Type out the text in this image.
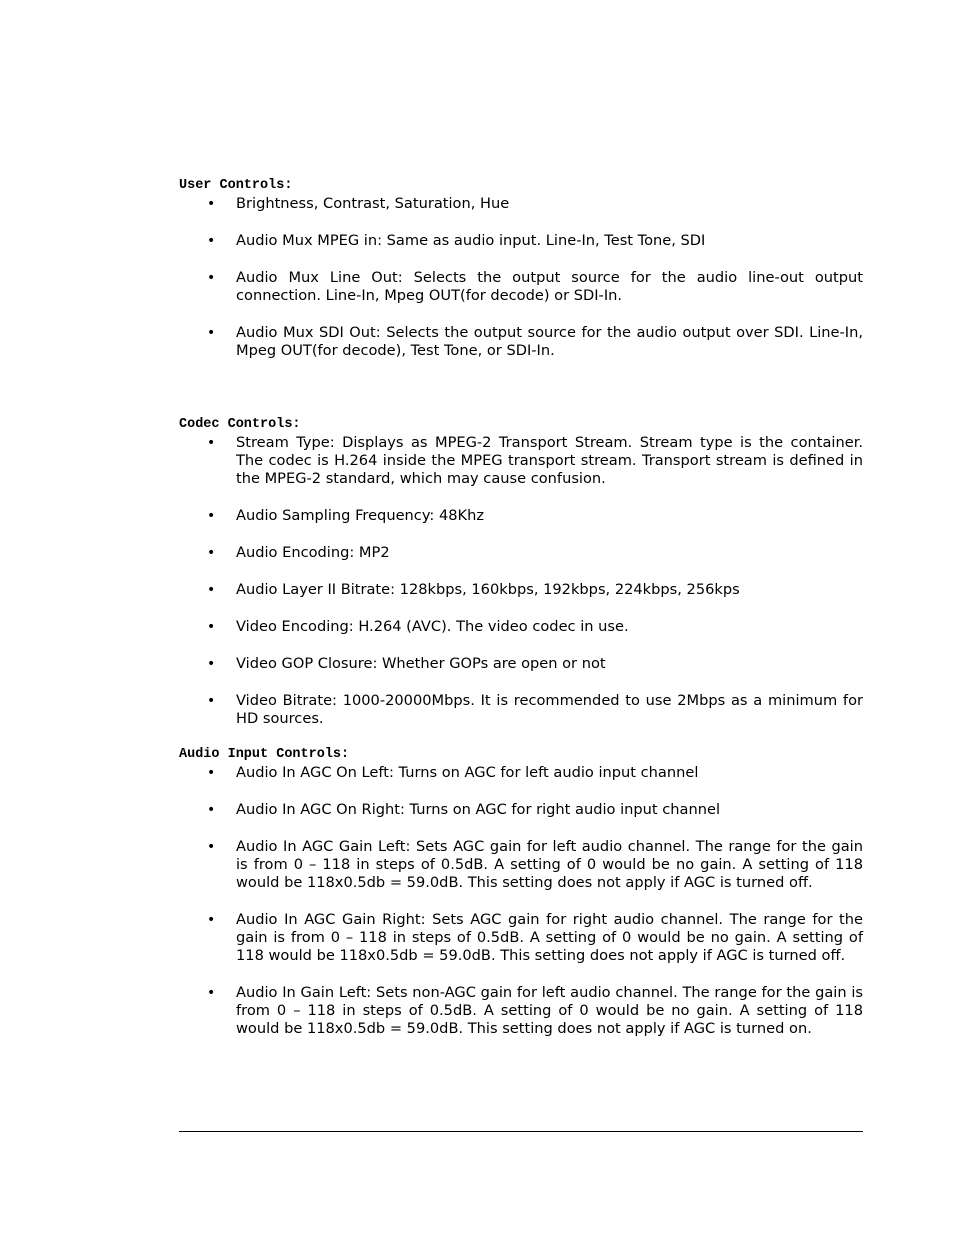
User Controls:
• Brightness, Contrast, Saturation, Hue
• Audio Mux MPEG in: Same as audio input. Line-In, Test Tone, SDI
• Audio Mux Line Out: Selects the output source for the audio line-out output connection. Line-In, Mpeg OUT(for decode) or SDI-In.
• Audio Mux SDI Out: Selects the output source for the audio output over SDI. Line-In, Mpeg OUT(for decode), Test Tone, or SDI-In.
Codec Controls:
• Stream Type: Displays as MPEG-2 Transport Stream. Stream type is the container. The codec is H.264 inside the MPEG transport stream. Transport stream is defined in the MPEG-2 standard, which may cause confusion.
• Audio Sampling Frequency: 48Khz
• Audio Encoding: MP2
• Audio Layer II Bitrate: 128kbps, 160kbps, 192kbps, 224kbps, 256kps
• Video Encoding: H.264 (AVC). The video codec in use.
• Video GOP Closure: Whether GOPs are open or not
• Video Bitrate: 1000-20000Mbps. It is recommended to use 2Mbps as a minimum for HD sources.
Audio Input Controls:
• Audio In AGC On Left: Turns on AGC for left audio input channel
• Audio In AGC On Right: Turns on AGC for right audio input channel
• Audio In AGC Gain Left: Sets AGC gain for left audio channel. The range for the gain is from 0 – 118 in steps of 0.5dB. A setting of 0 would be no gain. A setting of 118 would be 118x0.5db = 59.0dB. This setting does not apply if AGC is turned off.
• Audio In AGC Gain Right: Sets AGC gain for right audio channel. The range for the gain is from 0 – 118 in steps of 0.5dB. A setting of 0 would be no gain. A setting of 118 would be 118x0.5db = 59.0dB. This setting does not apply if AGC is turned off.
• Audio In Gain Left: Sets non-AGC gain for left audio channel. The range for the gain is from 0 – 118 in steps of 0.5dB. A setting of 0 would be no gain. A setting of 118 would be 118x0.5db = 59.0dB. This setting does not apply if AGC is turned on.
